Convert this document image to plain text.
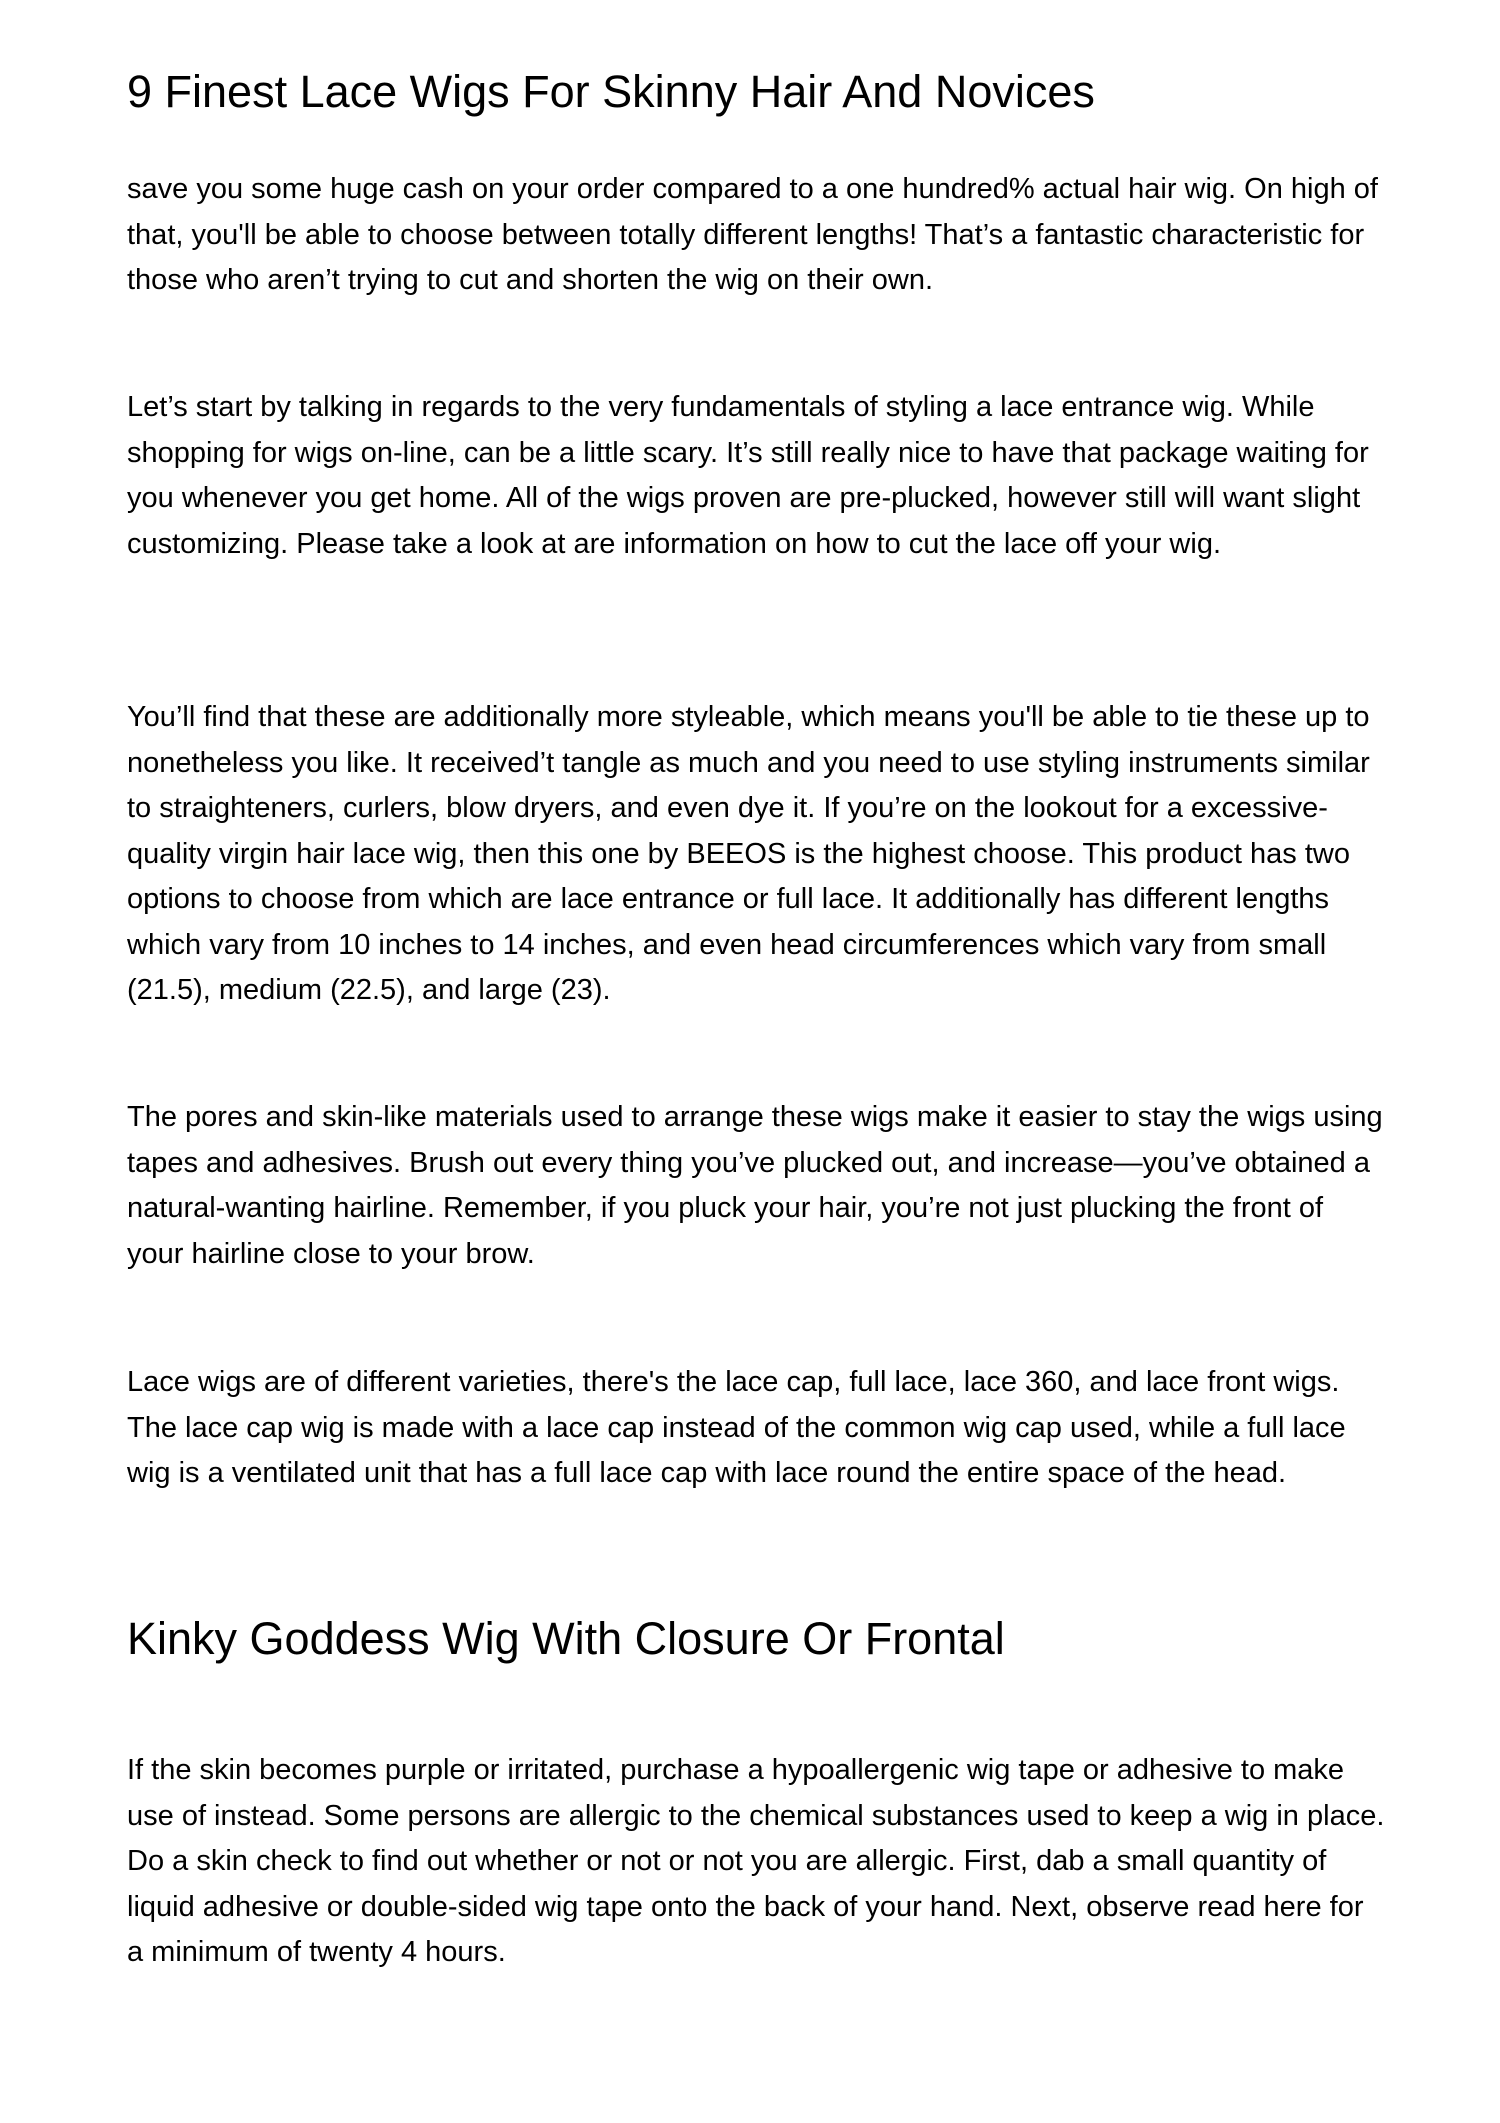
9 Finest Lace Wigs For Skinny Hair And Novices

save you some huge cash on your order compared to a one hundred% actual hair wig. On high of that, you'll be able to choose between totally different lengths! That’s a fantastic characteristic for those who aren’t trying to cut and shorten the wig on their own.

Let’s start by talking in regards to the very fundamentals of styling a lace entrance wig. While shopping for wigs on-line, can be a little scary. It’s still really nice to have that package waiting for you whenever you get home. All of the wigs proven are pre-plucked, however still will want slight customizing. Please take a look at are information on how to cut the lace off your wig.

You’ll find that these are additionally more styleable, which means you'll be able to tie these up to nonetheless you like. It received’t tangle as much and you need to use styling instruments similar to straighteners, curlers, blow dryers, and even dye it. If you’re on the lookout for a excessive-quality virgin hair lace wig, then this one by BEEOS is the highest choose. This product has two options to choose from which are lace entrance or full lace. It additionally has different lengths which vary from 10 inches to 14 inches, and even head circumferences which vary from small (21.5), medium (22.5), and large (23).

The pores and skin-like materials used to arrange these wigs make it easier to stay the wigs using tapes and adhesives. Brush out every thing you’ve plucked out, and increase—you’ve obtained a natural-wanting hairline. Remember, if you pluck your hair, you’re not just plucking the front of your hairline close to your brow.

Lace wigs are of different varieties, there's the lace cap, full lace, lace 360, and lace front wigs. The lace cap wig is made with a lace cap instead of the common wig cap used, while a full lace wig is a ventilated unit that has a full lace cap with lace round the entire space of the head.

Kinky Goddess Wig With Closure Or Frontal

If the skin becomes purple or irritated, purchase a hypoallergenic wig tape or adhesive to make use of instead. Some persons are allergic to the chemical substances used to keep a wig in place. Do a skin check to find out whether or not or not you are allergic. First, dab a small quantity of liquid adhesive or double-sided wig tape onto the back of your hand. Next, observe read here for a minimum of twenty 4 hours.
